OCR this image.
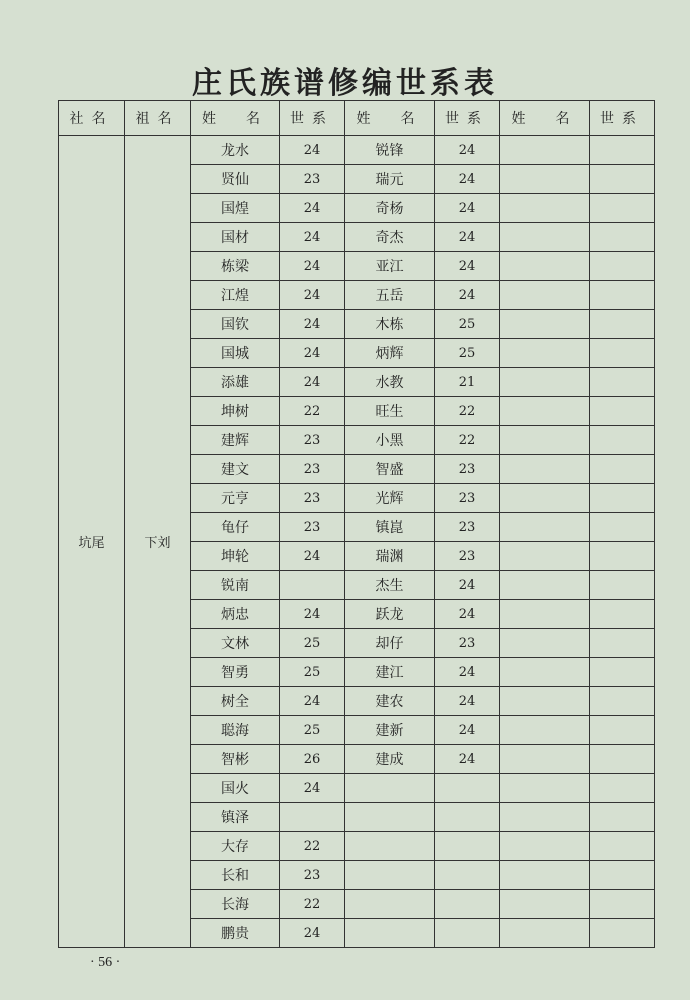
庄氏族谱修编世系表
社名	祖名	姓　名	世系	姓　名	世系	姓　名	世系
坑尾	下刘	龙水	24	锐锋	24		
		贤仙	23	瑞元	24		
		国煌	24	奇杨	24		
		国材	24	奇杰	24		
		栋梁	24	亚江	24		
		江煌	24	五岳	24		
		国钦	24	木栋	25		
		国城	24	炳辉	25		
		添雄	24	水教	21		
		坤树	22	旺生	22		
		建辉	23	小黑	22		
		建文	23	智盛	23		
		元亨	23	光辉	23		
		龟仔	23	镇崑	23		
		坤轮	24	瑞渊	23		
		锐南		杰生	24		
		炳忠	24	跃龙	24		
		文林	25	却仔	23		
		智勇	25	建江	24		
		树全	24	建农	24		
		聪海	25	建新	24		
		智彬	26	建成	24		
		国火	24				
		镇泽					
		大存	22				
		长和	23				
		长海	22				
		鹏贵	24				
· 56 ·
